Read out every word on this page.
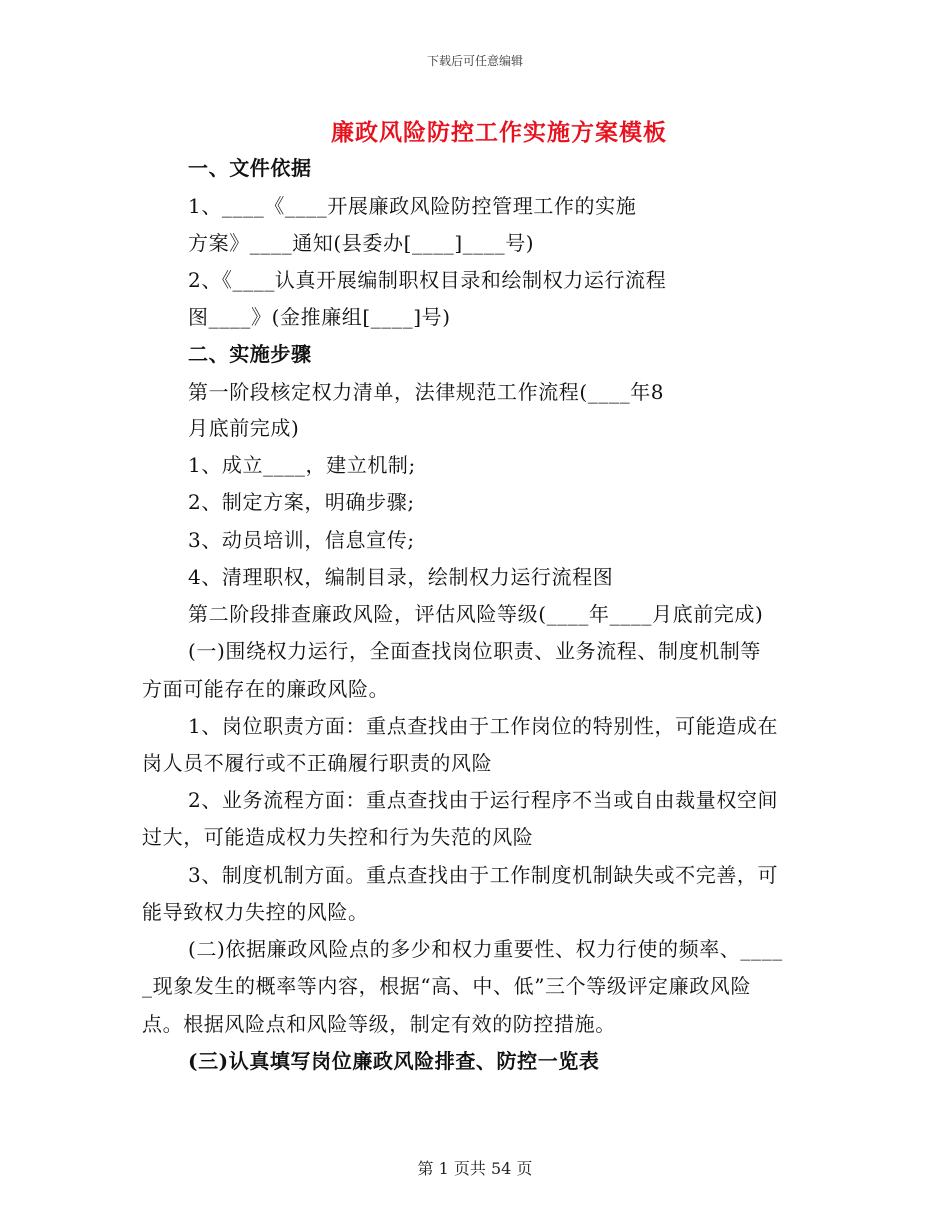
下载后可任意编辑
廉政风险防控工作实施方案模板
一、文件依据
1、____《____开展廉政风险防控管理工作的实施
方案》____通知(县委办[____]____号)
2、《____认真开展编制职权目录和绘制权力运行流程
图____》(金推廉组[____]号)
二、实施步骤
第一阶段核定权力清单，法律规范工作流程(____年8
月底前完成)
1、成立____，建立机制;
2、制定方案，明确步骤;
3、动员培训，信息宣传;
4、清理职权，编制目录，绘制权力运行流程图
第二阶段排查廉政风险，评估风险等级(____年____月底前完成)
(一)围绕权力运行，全面查找岗位职责、业务流程、制度机制等
方面可能存在的廉政风险。
1、岗位职责方面：重点查找由于工作岗位的特别性，可能造成在
岗人员不履行或不正确履行职责的风险
2、业务流程方面：重点查找由于运行程序不当或自由裁量权空间
过大，可能造成权力失控和行为失范的风险
3、制度机制方面。重点查找由于工作制度机制缺失或不完善，可
能导致权力失控的风险。
(二)依据廉政风险点的多少和权力重要性、权力行使的频率、____
_现象发生的概率等内容，根据“高、中、低”三个等级评定廉政风险
点。根据风险点和风险等级，制定有效的防控措施。
(三)认真填写岗位廉政风险排查、防控一览表
第 1 页共 54 页
